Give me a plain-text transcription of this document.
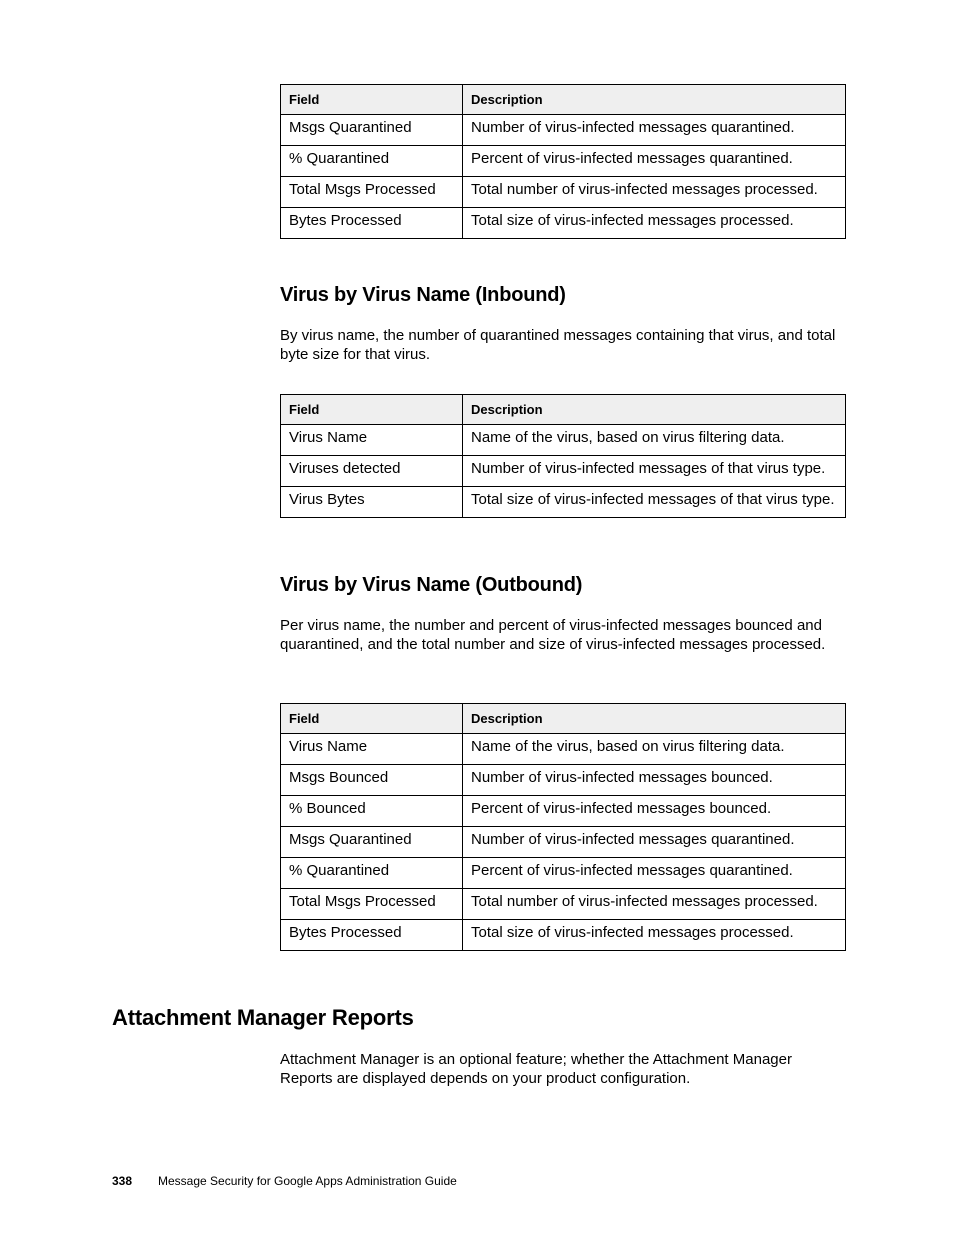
Field	Description
Msgs Quarantined	Number of virus-infected messages quarantined.
% Quarantined	Percent of virus-infected messages quarantined.
Total Msgs Processed	Total number of virus-infected messages processed.
Bytes Processed	Total size of virus-infected messages processed.
Virus by Virus Name (Inbound)

By virus name, the number of quarantined messages containing that virus, and total byte size for that virus.

Field	Description
Virus Name	Name of the virus, based on virus filtering data.
Viruses detected	Number of virus-infected messages of that virus type.
Virus Bytes	Total size of virus-infected messages of that virus type.
Virus by Virus Name (Outbound)

Per virus name, the number and percent of virus-infected messages bounced and quarantined, and the total number and size of virus-infected messages processed.

Field	Description
Virus Name	Name of the virus, based on virus filtering data.
Msgs Bounced	Number of virus-infected messages bounced.
% Bounced	Percent of virus-infected messages bounced.
Msgs Quarantined	Number of virus-infected messages quarantined.
% Quarantined	Percent of virus-infected messages quarantined.
Total Msgs Processed	Total number of virus-infected messages processed.
Bytes Processed	Total size of virus-infected messages processed.
Attachment Manager Reports

Attachment Manager is an optional feature; whether the Attachment Manager Reports are displayed depends on your product configuration.

338 Message Security for Google Apps Administration Guide
